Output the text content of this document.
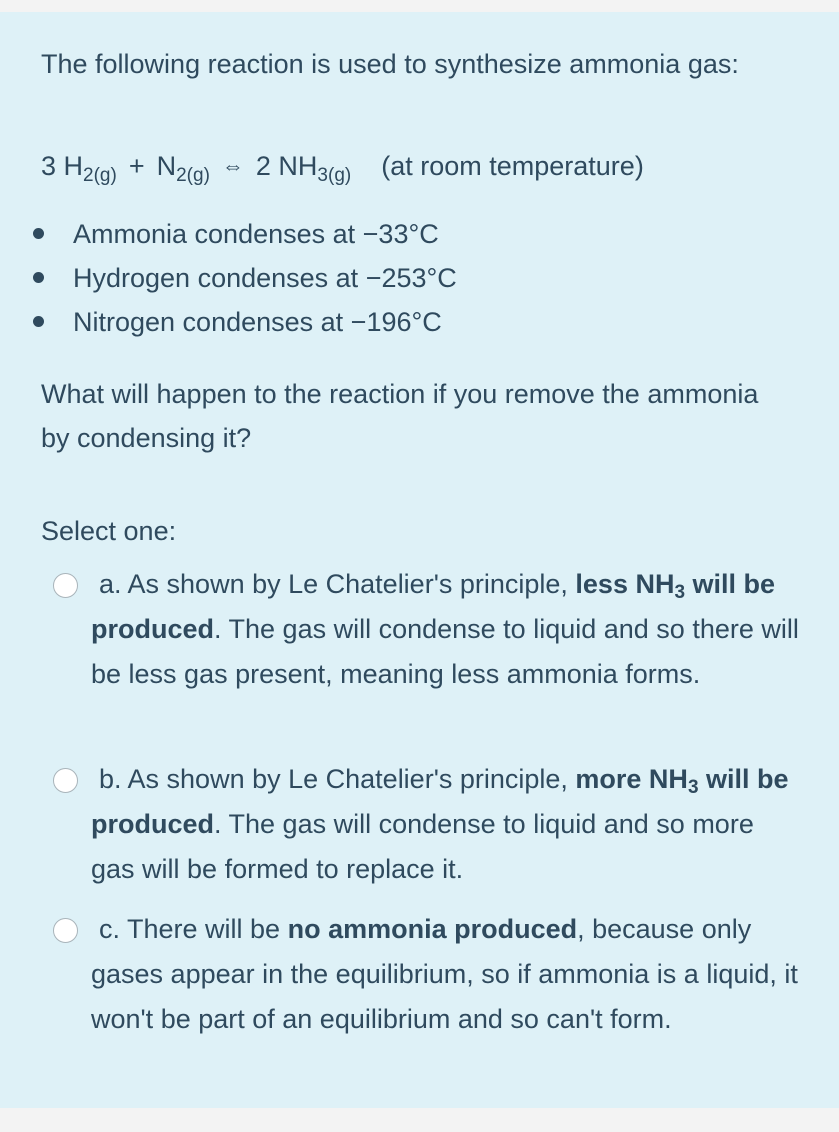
The following reaction is used to synthesize ammonia gas:

3 $H_{2(g)} + N_{2(g)}$ ⇔ 2 $NH_{3(g)}$ (at room temperature)
Ammonia condenses at −33°C
Hydrogen condenses at −253°C
Nitrogen condenses at −196°C

What will happen to the reaction if you remove the ammonia by condensing it?

Select one:

a. As shown by Le Chatelier's principle, less $NH_3$ will be produced. The gas will condense to liquid and so there will be less gas present, meaning less ammonia forms.

b. As shown by Le Chatelier's principle, more $NH_3$ will be produced. The gas will condense to liquid and so more gas will be formed to replace it.

c. There will be no ammonia produced, because only gases appear in the equilibrium, so if ammonia is a liquid, it won't be part of an equilibrium and so can't form.
